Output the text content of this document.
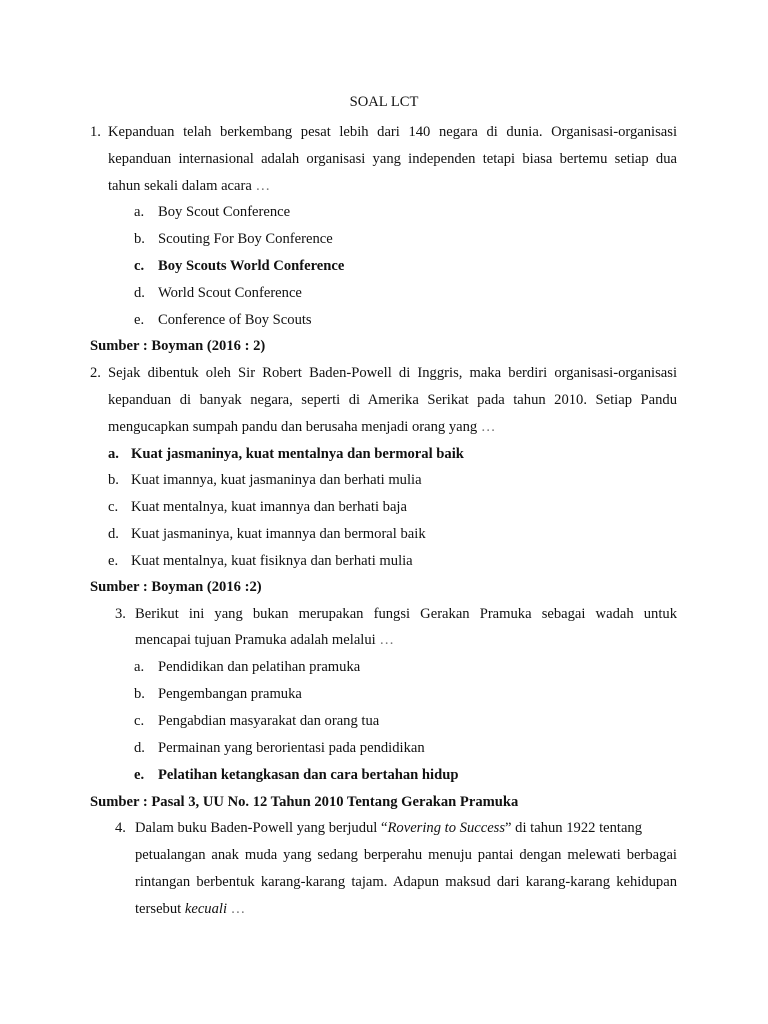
SOAL LCT
1. Kepanduan telah berkembang pesat lebih dari 140 negara di dunia. Organisasi-organisasi
kepanduan internasional adalah organisasi yang independen tetapi biasa bertemu setiap dua
tahun sekali dalam acara …
a. Boy Scout Conference
b. Scouting For Boy Conference
c. Boy Scouts World Conference
d. World Scout Conference
e. Conference of Boy Scouts
Sumber : Boyman (2016 : 2)
2. Sejak dibentuk oleh Sir Robert Baden-Powell di Inggris, maka berdiri organisasi-organisasi
kepanduan di banyak negara, seperti di Amerika Serikat pada tahun 2010. Setiap Pandu
mengucapkan sumpah pandu dan berusaha menjadi orang yang …
a. Kuat jasmaninya, kuat mentalnya dan bermoral baik
b. Kuat imannya, kuat jasmaninya dan berhati mulia
c. Kuat mentalnya, kuat imannya dan berhati baja
d. Kuat jasmaninya, kuat imannya dan bermoral baik
e. Kuat mentalnya, kuat fisiknya dan berhati mulia
Sumber : Boyman (2016 :2)
3. Berikut ini yang bukan merupakan fungsi Gerakan Pramuka sebagai wadah untuk
mencapai tujuan Pramuka adalah melalui …
a. Pendidikan dan pelatihan pramuka
b. Pengembangan pramuka
c. Pengabdian masyarakat dan orang tua
d. Permainan yang berorientasi pada pendidikan
e. Pelatihan ketangkasan dan cara bertahan hidup
Sumber : Pasal 3, UU No. 12 Tahun 2010 Tentang Gerakan Pramuka
4. Dalam buku Baden-Powell yang berjudul “Rovering to Success” di tahun 1922 tentang
petualangan anak muda yang sedang berperahu menuju pantai dengan melewati berbagai
rintangan berbentuk karang-karang tajam. Adapun maksud dari karang-karang kehidupan
tersebut kecuali …
